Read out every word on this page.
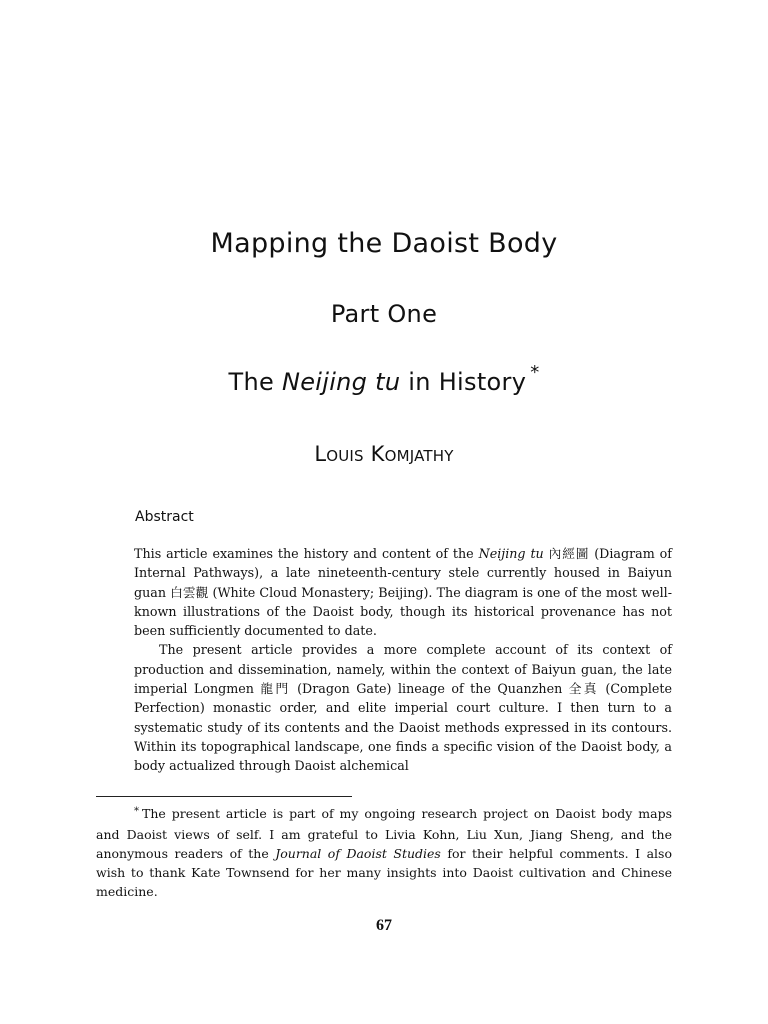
Mapping the Daoist Body
Part One
The Neijing tu in History *
Louis Komjathy
Abstract

This article examines the history and content of the Neijing tu 內經圖 (Diagram of Internal Pathways), a late nineteenth-century stele currently housed in Baiyun guan 白雲觀 (White Cloud Monastery; Beijing). The diagram is one of the most well-known illustrations of the Daoist body, though its historical provenance has not been sufficiently documented to date.

The present article provides a more complete account of its context of production and dissemination, namely, within the context of Baiyun guan, the late imperial Longmen 龍門 (Dragon Gate) lineage of the Quanzhen 全真 (Complete Perfection) monastic order, and elite imperial court culture. I then turn to a systematic study of its contents and the Daoist methods expressed in its contours. Within its topographical landscape, one finds a specific vision of the Daoist body, a body actualized through Daoist alchemical

* The present article is part of my ongoing research project on Daoist body maps and Daoist views of self. I am grateful to Livia Kohn, Liu Xun, Jiang Sheng, and the anonymous readers of the Journal of Daoist Studies for their helpful comments. I also wish to thank Kate Townsend for her many insights into Daoist cultivation and Chinese medicine.

67
